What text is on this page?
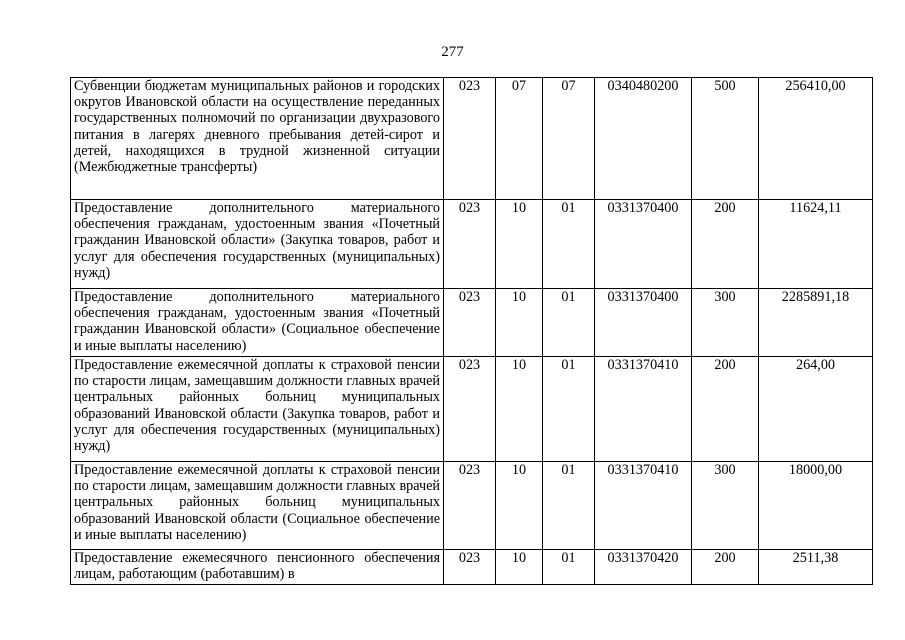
277
Субвенции бюджетам муниципальных районов и городских округов Ивановской области на осуществление переданных государственных полномочий по организации двухразового питания в лагерях дневного пребывания детей-сирот и детей, находящихся в трудной жизненной ситуации (Межбюджетные трансферты)	023	07	07	0340480200	500	256410,00
Предоставление дополнительного материального обеспечения гражданам, удостоенным звания «Почетный гражданин Ивановской области» (Закупка товаров, работ и услуг для обеспечения государственных (муниципальных) нужд)	023	10	01	0331370400	200	11624,11
Предоставление дополнительного материального обеспечения гражданам, удостоенным звания «Почетный гражданин Ивановской области» (Социальное обеспечение и иные выплаты населению)	023	10	01	0331370400	300	2285891,18
Предоставление ежемесячной доплаты к страховой пенсии по старости лицам, замещавшим должности главных врачей центральных районных больниц муниципальных образований Ивановской области (Закупка товаров, работ и услуг для обеспечения государственных (муниципальных) нужд)	023	10	01	0331370410	200	264,00
Предоставление ежемесячной доплаты к страховой пенсии по старости лицам, замещавшим должности главных врачей центральных районных больниц муниципальных образований Ивановской области (Социальное обеспечение и иные выплаты населению)	023	10	01	0331370410	300	18000,00
Предоставление ежемесячного пенсионного обеспечения лицам, работающим (работавшим) в	023	10	01	0331370420	200	2511,38
